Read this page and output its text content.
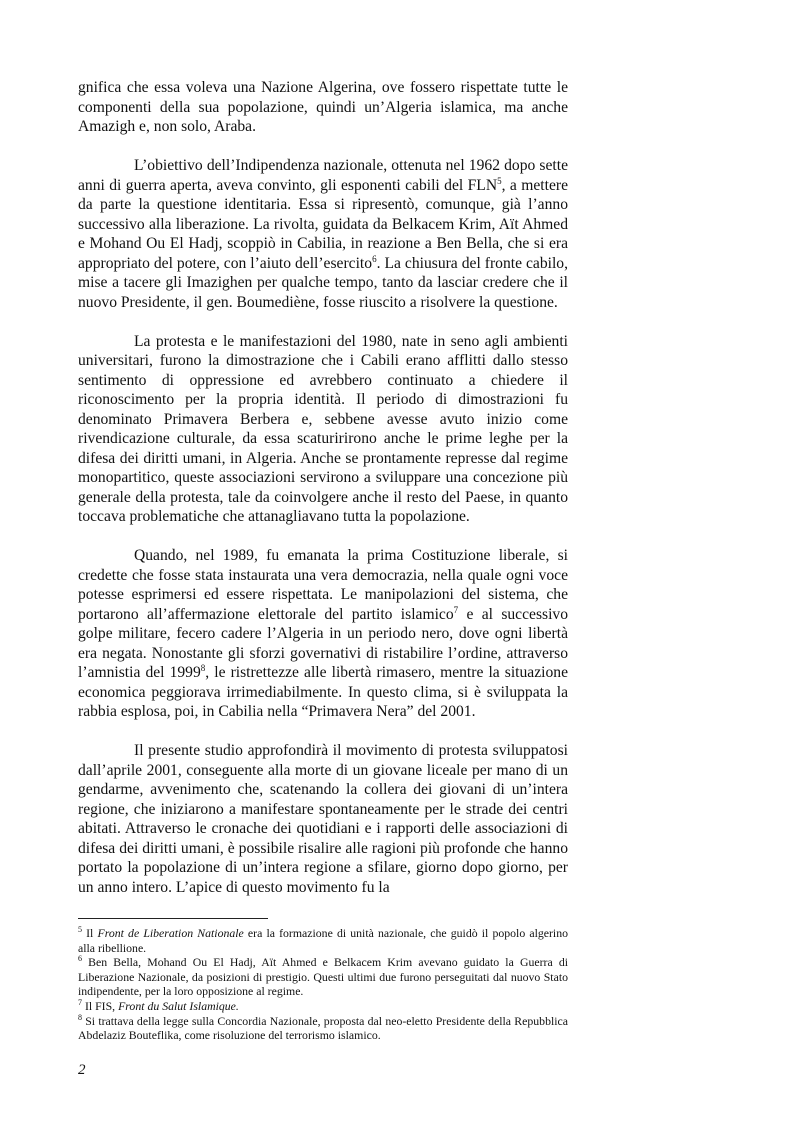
gnifica che essa voleva una Nazione Algerina, ove fossero rispettate tutte le componenti della sua popolazione, quindi un’Algeria islamica, ma anche Amazigh e, non solo, Araba.

L’obiettivo dell’Indipendenza nazionale, ottenuta nel 1962 dopo sette anni di guerra aperta, aveva convinto, gli esponenti cabili del FLN$^5$, a mettere da parte la questione identitaria. Essa si ripresentò, comunque, già l’anno successivo alla liberazione. La rivolta, guidata da Belkacem Krim, Aït Ahmed e Mohand Ou El Hadj, scoppiò in Cabilia, in reazione a Ben Bella, che si era appropriato del potere, con l’aiuto dell’esercito$^6$. La chiusura del fronte cabilo, mise a tacere gli Imazighen per qualche tempo, tanto da lasciar credere che il nuovo Presidente, il gen. Boumediène, fosse riuscito a risolvere la questione.

La protesta e le manifestazioni del 1980, nate in seno agli ambienti universitari, furono la dimostrazione che i Cabili erano afflitti dallo stesso sentimento di oppressione ed avrebbero continuato a chiedere il riconoscimento per la propria identità. Il periodo di dimostrazioni fu denominato Primavera Berbera e, sebbene avesse avuto inizio come rivendicazione culturale, da essa scaturirirono anche le prime leghe per la difesa dei diritti umani, in Algeria. Anche se prontamente represse dal regime monopartitico, queste associazioni servirono a sviluppare una concezione più generale della protesta, tale da coinvolgere anche il resto del Paese, in quanto toccava problematiche che attanagliavano tutta la popolazione.

Quando, nel 1989, fu emanata la prima Costituzione liberale, si credette che fosse stata instaurata una vera democrazia, nella quale ogni voce potesse esprimersi ed essere rispettata. Le manipolazioni del sistema, che portarono all’affermazione elettorale del partito islamico$^7$ e al successivo golpe militare, fecero cadere l’Algeria in un periodo nero, dove ogni libertà era negata. Nonostante gli sforzi governativi di ristabilire l’ordine, attraverso l’amnistia del 1999$^8$, le ristrettezze alle libertà rimasero, mentre la situazione economica peggiorava irrimediabilmente. In questo clima, si è sviluppata la rabbia esplosa, poi, in Cabilia nella “Primavera Nera” del 2001.

Il presente studio approfondirà il movimento di protesta sviluppatosi dall’aprile 2001, conseguente alla morte di un giovane liceale per mano di un gendarme, avvenimento che, scatenando la collera dei giovani di un’intera regione, che iniziarono a manifestare spontaneamente per le strade dei centri abitati. Attraverso le cronache dei quotidiani e i rapporti delle associazioni di difesa dei diritti umani, è possibile risalire alle ragioni più profonde che hanno portato la popolazione di un’intera regione a sfilare, giorno dopo giorno, per un anno intero. L’apice di questo movimento fu la

$^5$ Il Front de Liberation Nationale era la formazione di unità nazionale, che guidò il popolo algerino alla ribellione.

$^6$ Ben Bella, Mohand Ou El Hadj, Aït Ahmed e Belkacem Krim avevano guidato la Guerra di Liberazione Nazionale, da posizioni di prestigio. Questi ultimi due furono perseguitati dal nuovo Stato indipendente, per la loro opposizione al regime.

$^7$ Il FIS, Front du Salut Islamique.

$^8$ Si trattava della legge sulla Concordia Nazionale, proposta dal neo-eletto Presidente della Repubblica Abdelaziz Bouteflika, come risoluzione del terrorismo islamico.

2
